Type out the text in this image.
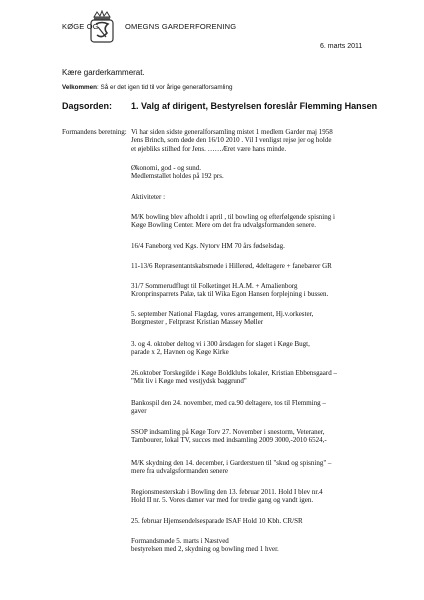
KØGE OG	OMEGNS GARDERFORENING
6. marts 2011
Kære garderkammerat.
Velkommen: Så er det igen tid til vor årige generalforsamling
Dagsorden: 1. Valg af dirigent, Bestyrelsen foreslår Flemming Hansen
Formandens beretning: Vi har siden sidste generalforsamling mistet 1 medlem Garder maj 1958
Jens Brinch, som døde den 16/10 2010 . Vil I venligst rejse jer og holde
et øjebliks stilhed for Jens. ……Æret være hans minde.
Økonomi, god - og sund.
Medlemstallet holdes på 192 prs.
Aktiviteter :
M/K bowling blev afholdt i april , til bowling og efterfølgende spisning i
Køge Bowling Center. Mere om det fra udvalgsformanden senere.
16/4 Faneborg ved Kgs. Nytorv HM 70 års fødselsdag.
11-13/6 Repræsentantskabsmøde i Hillerød, 4deltagere + fanebærer GR
31/7 Sommerudflugt til Folketinget H.A.M. + Amalienborg
Kronprinsparrets Palæ, tak til Wika Egon Hansen forplejning i bussen.
5. september National Flagdag, vores arrangement, Hj.v.orkester,
Borgmester , Feltpræst Kristian Massey Møller
3. og 4. oktober deltog vi i 300 årsdagen for slaget i Køge Bugt,
parade x 2, Havnen og Køge Kirke
26.oktober Torskegilde i Køge Boldklubs lokaler, Kristian Ebbensgaard –
"Mit liv i Køge med vestjydsk baggrund"
Bankospil den 24. november, med ca.90 deltagere, tos til Flemming –
gaver
SSOP indsamling på Køge Torv 27. November i snestorm, Veteraner,
Tambourer, lokal TV, succes med indsamling 2009 3000,-2010 6524,-
M/K skydning den 14. december, i Garderstuen til "skud og spisning" –
mere fra udvalgsformanden senere
Regionsmesterskab i Bowling den 13. februar 2011. Hold I blev nr.4
Hold II nr. 5. Vores damer var med for tredie gang og vandt igen.
25. februar Hjemsendelsesparade ISAF Hold 10 Kbh. CR/SR
Formandsmøde 5. marts i Næstved
bestyrelsen med 2, skydning og bowling med 1 hver.
